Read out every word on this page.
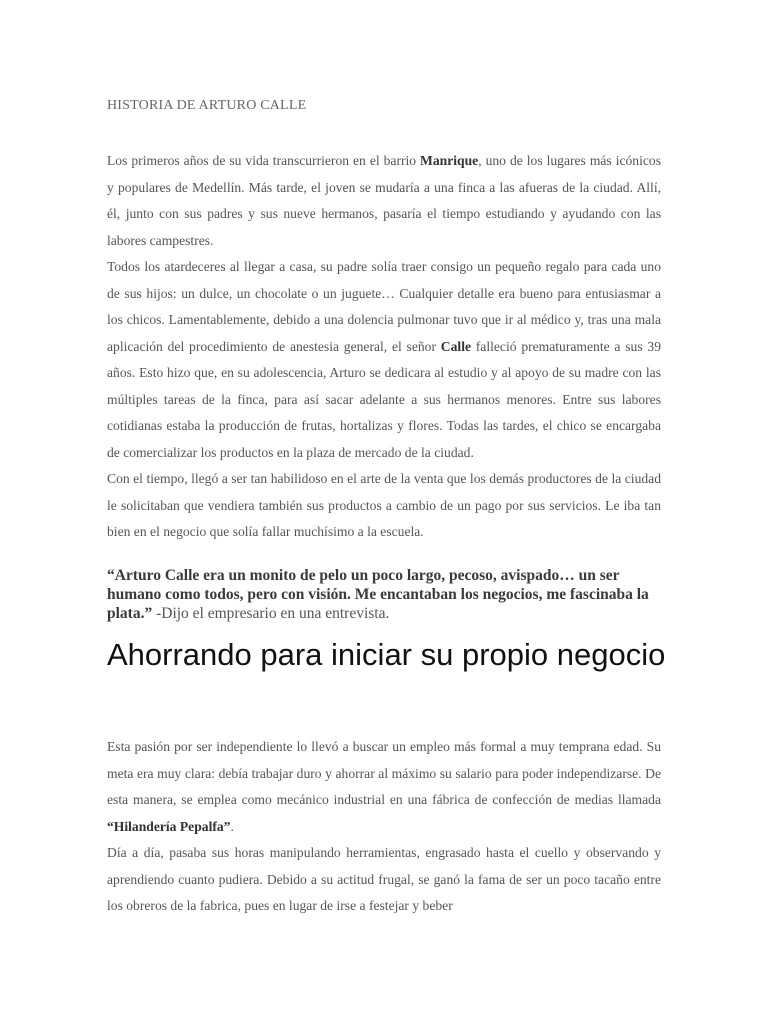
HISTORIA DE ARTURO CALLE

Los primeros años de su vida transcurrieron en el barrio Manrique, uno de los lugares más icónicos y populares de Medellín. Más tarde, el joven se mudaría a una finca a las afueras de la ciudad. Allí, él, junto con sus padres y sus nueve hermanos, pasaría el tiempo estudiando y ayudando con las labores campestres.

Todos los atardeceres al llegar a casa, su padre solía traer consigo un pequeño regalo para cada uno de sus hijos: un dulce, un chocolate o un juguete… Cualquier detalle era bueno para entusiasmar a los chicos. Lamentablemente, debido a una dolencia pulmonar tuvo que ir al médico y, tras una mala aplicación del procedimiento de anestesia general, el señor Calle falleció prematuramente a sus 39 años. Esto hizo que, en su adolescencia, Arturo se dedicara al estudio y al apoyo de su madre con las múltiples tareas de la finca, para así sacar adelante a sus hermanos menores. Entre sus labores cotidianas estaba la producción de frutas, hortalizas y flores. Todas las tardes, el chico se encargaba de comercializar los productos en la plaza de mercado de la ciudad.

Con el tiempo, llegó a ser tan habilidoso en el arte de la venta que los demás productores de la ciudad le solicitaban que vendiera también sus productos a cambio de un pago por sus servicios. Le iba tan bien en el negocio que solía fallar muchísimo a la escuela.

“Arturo Calle era un monito de pelo un poco largo, pecoso, avispado… un ser humano como todos, pero con visión. Me encantaban los negocios, me fascinaba la plata.” -Dijo el empresario en una entrevista.

Ahorrando para iniciar su propio negocio

Esta pasión por ser independiente lo llevó a buscar un empleo más formal a muy temprana edad. Su meta era muy clara: debía trabajar duro y ahorrar al máximo su salario para poder independizarse. De esta manera, se emplea como mecánico industrial en una fábrica de confección de medias llamada “Hilandería Pepalfa”.

Día a día, pasaba sus horas manipulando herramientas, engrasado hasta el cuello y observando y aprendiendo cuanto pudiera. Debido a su actitud frugal, se ganó la fama de ser un poco tacaño entre los obreros de la fabrica, pues en lugar de irse a festejar y beber
